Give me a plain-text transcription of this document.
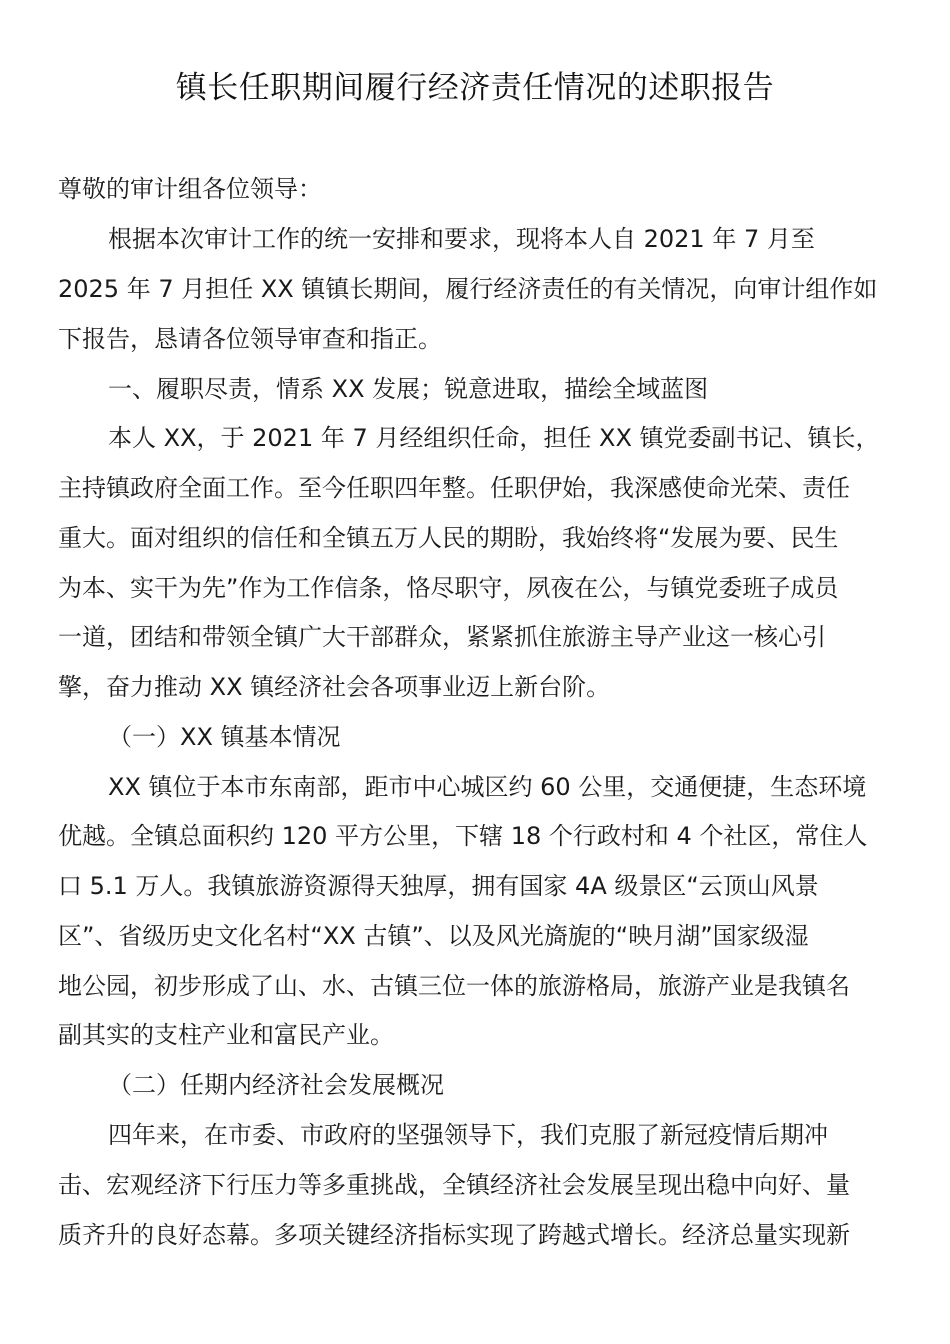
镇长任职期间履行经济责任情况的述职报告
尊敬的审计组各位领导：
根据本次审计工作的统一安排和要求，现将本人自 2021 年 7 月至
2025 年 7 月担任 XX 镇镇长期间，履行经济责任的有关情况，向审计组作如
下报告，恳请各位领导审查和指正。
一、履职尽责，情系 XX 发展；锐意进取，描绘全域蓝图
本人 XX，于 2021 年 7 月经组织任命，担任 XX 镇党委副书记、镇长，
主持镇政府全面工作。至今任职四年整。任职伊始，我深感使命光荣、责任
重大。面对组织的信任和全镇五万人民的期盼，我始终将“发展为要、民生
为本、实干为先”作为工作信条，恪尽职守，夙夜在公，与镇党委班子成员
一道，团结和带领全镇广大干部群众，紧紧抓住旅游主导产业这一核心引
擎，奋力推动 XX 镇经济社会各项事业迈上新台阶。
（一）XX 镇基本情况
XX 镇位于本市东南部，距市中心城区约 60 公里，交通便捷，生态环境
优越。全镇总面积约 120 平方公里，下辖 18 个行政村和 4 个社区，常住人
口 5.1 万人。我镇旅游资源得天独厚，拥有国家 4A 级景区“云顶山风景
区”、省级历史文化名村“XX 古镇”、以及风光旖旎的“映月湖”国家级湿
地公园，初步形成了山、水、古镇三位一体的旅游格局，旅游产业是我镇名
副其实的支柱产业和富民产业。
（二）任期内经济社会发展概况
四年来，在市委、市政府的坚强领导下，我们克服了新冠疫情后期冲
击、宏观经济下行压力等多重挑战，全镇经济社会发展呈现出稳中向好、量
质齐升的良好态幕。多项关键经济指标实现了跨越式增长。经济总量实现新
